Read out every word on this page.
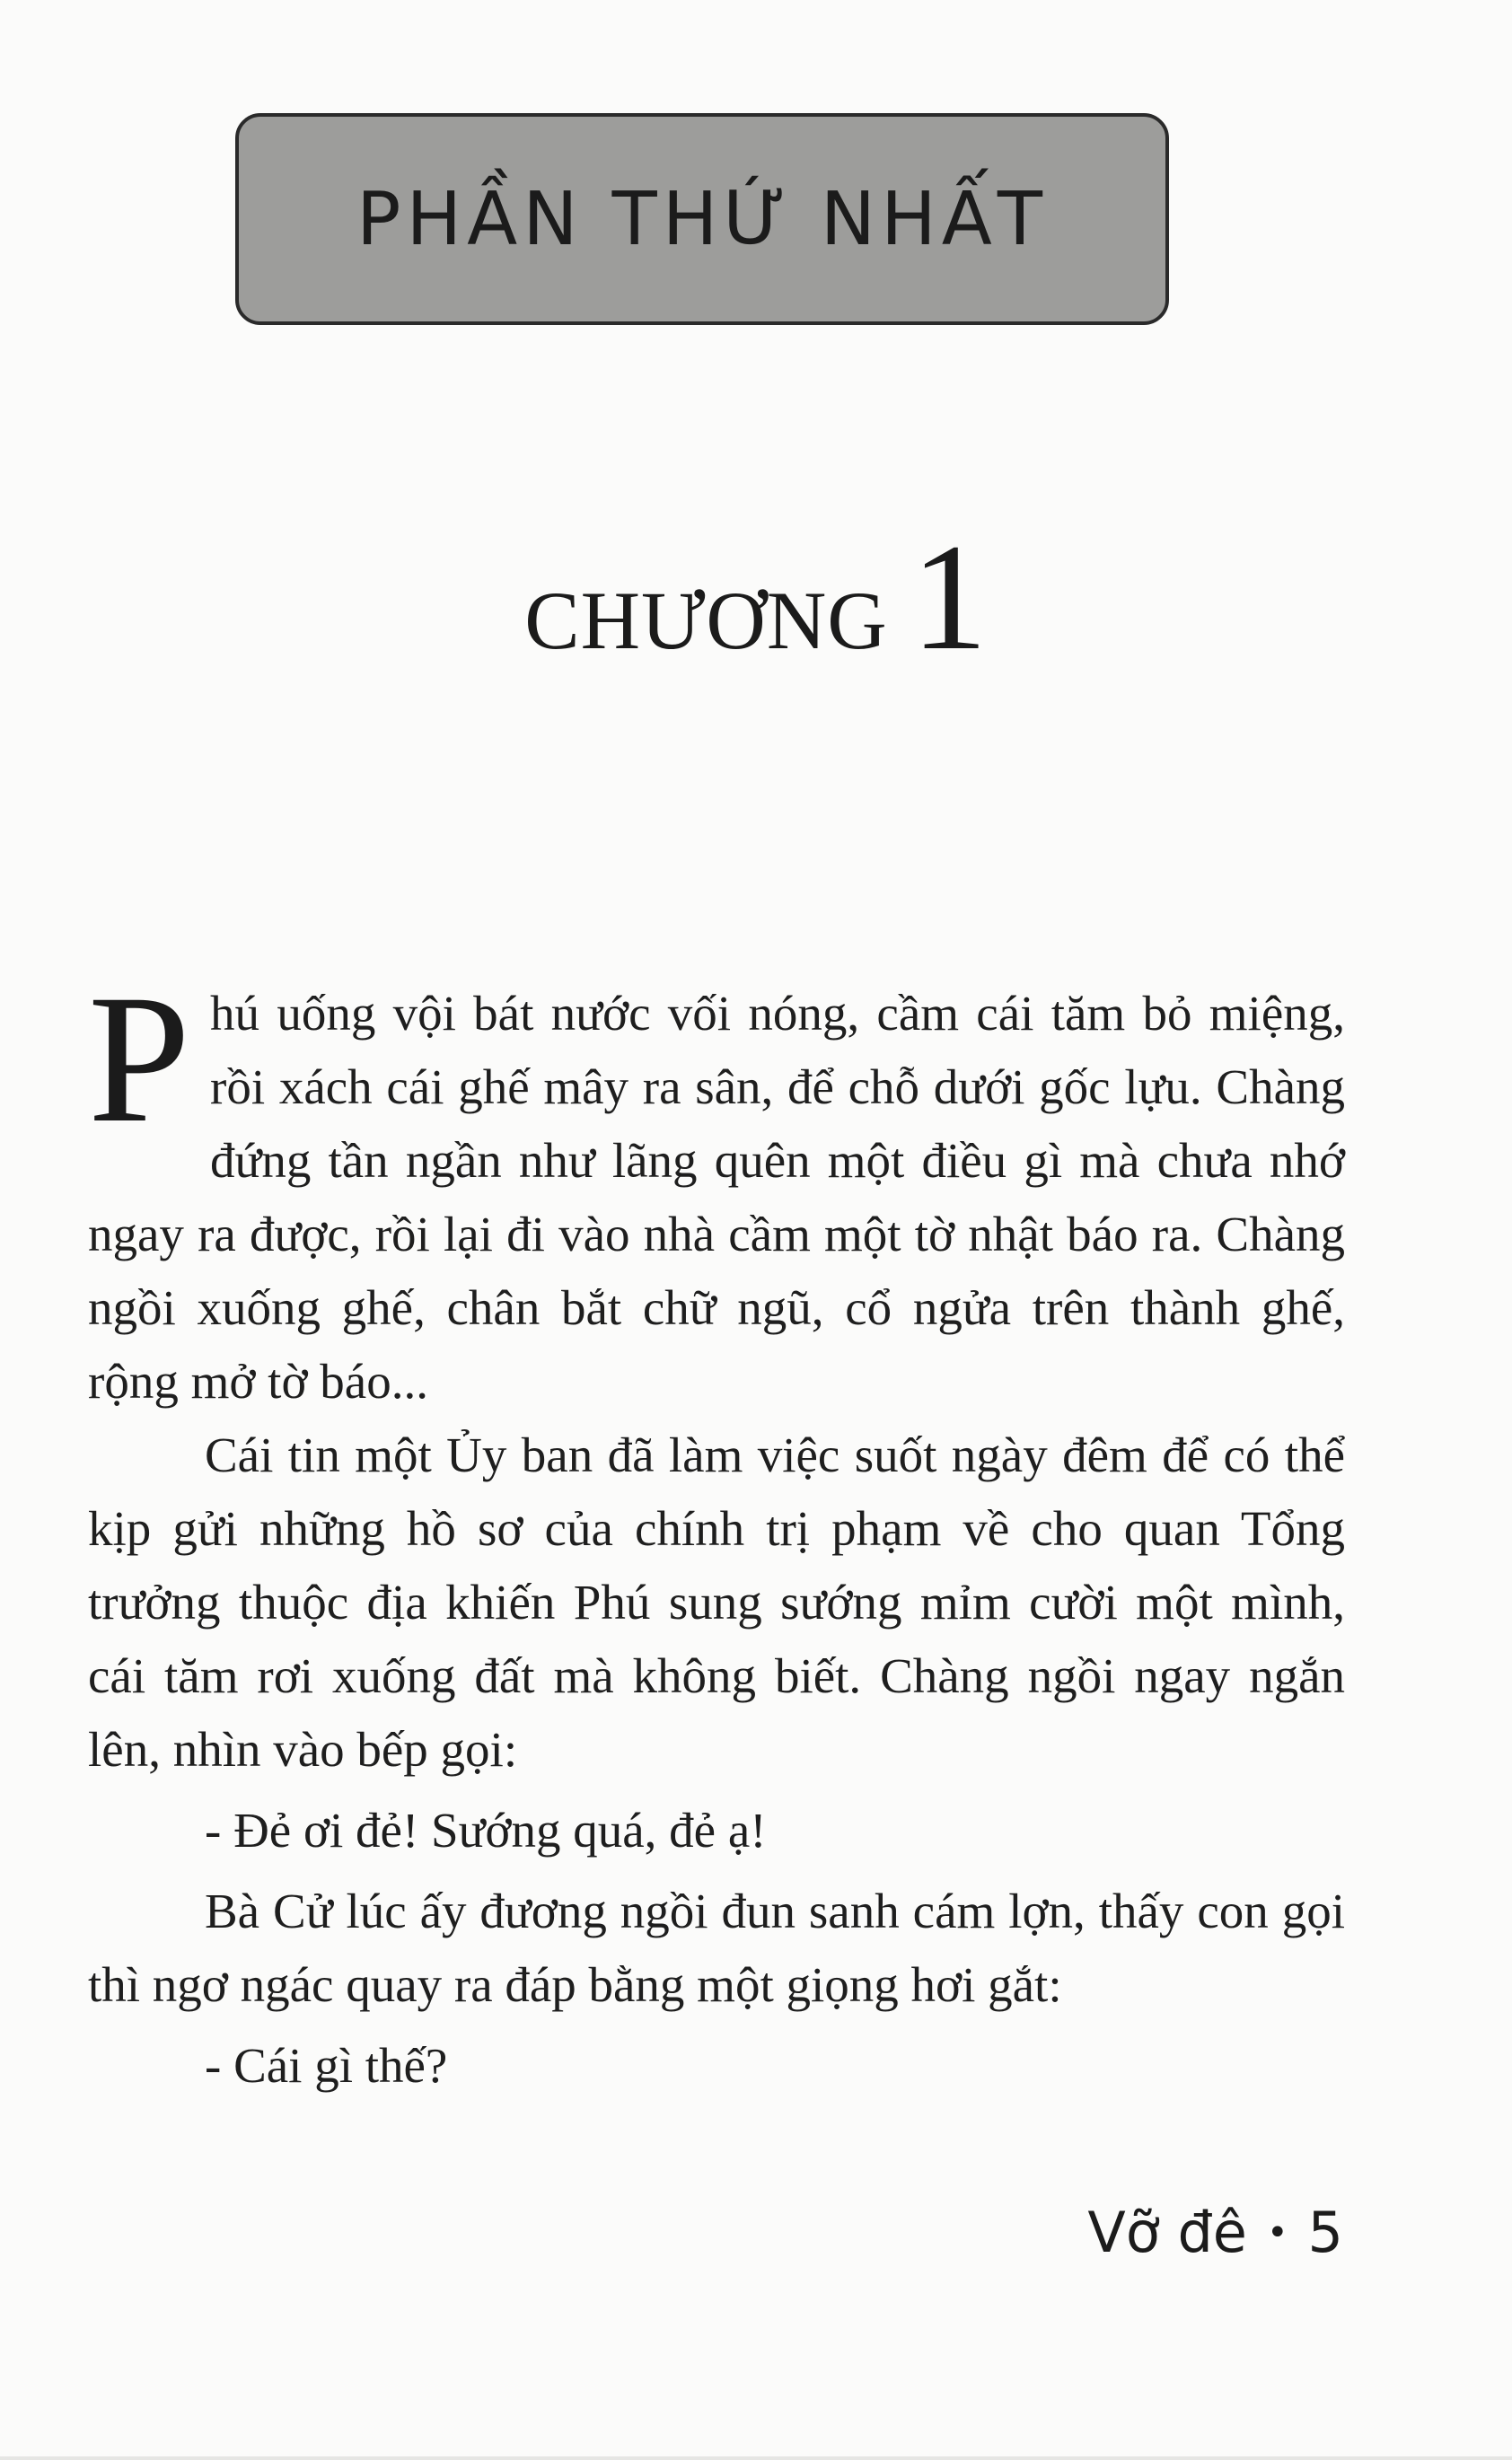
PHẦN THỨ NHẤT
CHƯƠNG 1

Phú uống vội bát nước vối nóng, cầm cái tăm bỏ miệng, rồi xách cái ghế mây ra sân, để chỗ dưới gốc lựu. Chàng đứng tần ngần như lãng quên một điều gì mà chưa nhớ ngay ra được, rồi lại đi vào nhà cầm một tờ nhật báo ra. Chàng ngồi xuống ghế, chân bắt chữ ngũ, cổ ngửa trên thành ghế, rộng mở tờ báo...

Cái tin một Ủy ban đã làm việc suốt ngày đêm để có thể kịp gửi những hồ sơ của chính trị phạm về cho quan Tổng trưởng thuộc địa khiến Phú sung sướng mỉm cười một mình, cái tăm rơi xuống đất mà không biết. Chàng ngồi ngay ngắn lên, nhìn vào bếp gọi:

- Đẻ ơi đẻ! Sướng quá, đẻ ạ!

Bà Cử lúc ấy đương ngồi đun sanh cám lợn, thấy con gọi thì ngơ ngác quay ra đáp bằng một giọng hơi gắt:

- Cái gì thế?

Vỡ đê • 5
